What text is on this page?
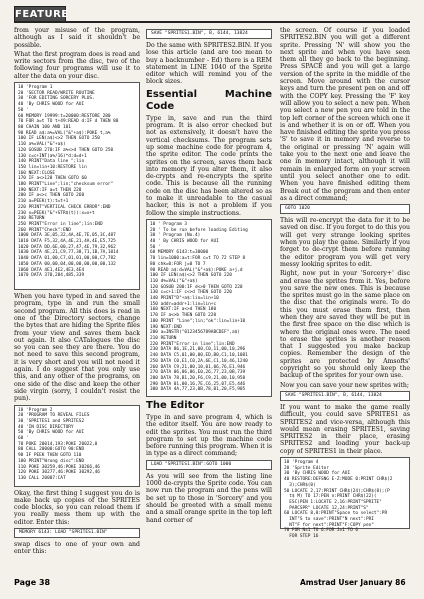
FEATURE

from your misuse of the program, although as I said it shouldn't be possible.

What the first program does is read and write sectors from the disc, two of the following four programs will use it to alter the data on your disc.

10 'Program 1
20 'SECTOR READ/WRITE ROUTINE
30 'FOR EDITING SORCERY PLUS.
40 'By CHRIS WOOD for AUI
50 '
60 MEMORY 19999:t=20000:RESTORE 280
70 FOR a=t TO t+49:READ d:IF d THEN 80
80 CHAIN 100 AND 101
90 READ a$:a%=VAL("&"+a$):POKE t,a%
100 IF LEN(a$)<>2 THEN GOTO 250
110 a%=VAL("&"+a$)
120 GOSUB 270:IF a%<>d THEN GOTO 250
130 c=c+INT(a%/16)*d:d=d+1
140 PRINT"Data line ";lin
150 lin=lin+10:RESTORE lin
160 NEXT:CLOSE
170 IF a<>128 THEN GOTO 60
180 PRINT"Line";lin;"checksum error"
190 NEXT:IF a=t THEN 220
200 IF a<>c THEN GOTO 260
210 a=PEEK(t):t=t+1
220 PRINT"VERTICAL CHECK ERROR":END
230 x=PEEK("&"+STR$(t)):x=x+t
240 RETURN
250 PRINT"Error in line";lin:END
260 PRINT"Check":END
1000 DATA 3E,05,32,4A,4E,7E,05,3C,487
1010 DATA F5,32,4A,4E,21,4A,4E,E5,725
1020 DATA DD,6E,00,27,47,4E,79,32,962
1030 DATA 4E,21,C9,77,38,71,1B,7A,1014
1040 DATA 01,00,C7,01,01,00,00,C7,782
1050 DATA 00,00,04,00,00,00,00,00,132
1060 DATA 4E1,4E2,4E3,4E4
1070 DATA 370,284,485,339

When you have typed in and saved the program, type in and run the small second program. All this does is read in one of the Directory sectors, change the bytes that are hiding the Sprite files from your view and saves them back out again. It also CATalogues the disc so you can see they are there. You do not need to save this second program, it is very short and you will not need it again. I do suggest that you only use this, and any other of the programs, on one side of the disc and keep the other side virgin (sorry, I couldn't resist the pun).

10 'Program 2
20 'PROGRAM TO REVEAL FILES
30 'SPRITES1 and SPRITES2
40 'IN DISC DIRECTORY
50 'By CHRIS WOOD for AUI
60 '
70 POKE 20014,193:POKE 20022,0
80 CALL 20000:GOTO 90:END
90 IF PEEK THEN GOTO 110
100 PRINT"Wrong disc":END
110 POKE 30259,46:POKE 30266,46
120 POKE 30277,46:POKE 30292,46
130 CALL 20007:CAT

Okay, the first thing I suggest you do is make back up copies of the SPRITES code blocks, so you can reload them if you really mess them up with the editor. Enter this:

MEMORY 6143: LOAD "SPRITES1.BIN"

swap discs to one of your own and enter this:

SAVE "SPRITES1.BIN", B, 6144, 13824

Do the same with SPRITES2.BIN. If you lose this article (and are too mean to buy a backnumber - Ed) there is a REM statement in LINE 1040 of the Sprite editor which will remind you of the block sizes.

Essential Machine Code

Type in, save and run the third program. It is also error checked but not as extensively, it doesn't have the vertical checksums. The program sets up some machine code for program 4, the sprite editor. The code prints the sprites on the screen, saves them back into memory if you alter them, it also de-crypts and re-encrypts the sprite code. This is because all the running code on the disc has been altered so as to make it unreadable to the casual hacker, this is not a problem if you follow the simple instructions.

10 ' Program 3
20 ' To be run before loading Editing
30 ' Program (No.4)
40 ' By CHRIS WOOD for AUI
50 '
60 MEMORY 6143:t=30000
70 lin=1000:a=t:FOR c=t TO 72 STEP 8
80 chk=0:FOR j=0 TO 7
90 READ a$:d=VAL("&"+a$):POKE a+j,d
100 IF LEN(a$)<>2 THEN GOTO 220
110 d%=VAL("&"+a$)
120 GOSUB 200:IF d<>0 THEN GOTO 220
130 c=c+1:IF c<>d THEN GOTO 220
140 PRINT"D"+a$:lin=lin+10
150 addr=addr+1:lin=lin+c
160 NEXT:IF a<>d THEN 180
170 IF a<>b THEN GOTO 220
180 PRINT "Line";lin;"ok":lin=lin+10
190 NEXT:END
200 a=INSTR("0123456789ABCDEF",a$)
210 RETURN
220 PRINT"Error in line";lin:END
230 DATA 86,1E,21,00,C0,11,00,10,296
240 DATA C5,01,00,00,ED,B0,C1,10,1081
250 DATA C0,E1,C0,2A,6E,C1,10,46,1240
260 DATA C9,21,00,10,01,06,76,E1,946
270 DATA 06,06,86,E0,26,77,23,0B,739
280 DATA 78,B1,20,F6,C9,21,00,10,958
290 DATA 01,00,16,7E,C6,25,07,E5,446
300 DATA 4A,77,23,0B,78,B1,20,F5,905
The Editor

Type in and save program 4, which is the editor itself. You are now ready to edit the sprites. You must run the third program to set up the machine code before running this program. When it is in type as a direct command;

LOAD "SPRITES1.BIN":GOTO 1000

As you will see from the listing line 1000 de-crypts the Sprite code. You can now run the program and the pens will be set up to those in 'Sorcery' and you should be greeted with a small menu and a small orange sprite in the top left hand corner of

the screen. Of course if you loaded SPRITES2.BIN you will get a different sprite. Pressing 'N' will show you the next sprite and when you have seen them all they go back to the beginning. Press SPACE and you will get a large version of the sprite in the middle of the screen. Move around with the cursor keys and turn the present pen on and off with the COPY key. Pressing the 'F' key will allow you to select a new pen. When you select a new pen you are told in the top left corner of the screen which one it is and whether it is on or off. When you have finished editing the sprite you press 'S' to save it in memory and reverse to the original or pressing 'N' again will take you to the next one and leave the one in memory intact, although it will remain in enlarged form on your screen until you select another one to edit. When you have finished editing them Break out of the program and then enter as a direct command;

GOTO 1020

This will re-encrypt the data for it to be saved on disc. If you forget to do this you will get very strange looking sprites when you play the game. Similarly if you forget to de-crypt them before running the editor program you will get very messy looking sprites to edit.

Right, now put in your 'Sorcery+' disc and erase the sprites from it. Yes, before you save the new ones. This is because the sprites must go in the same place on the disc that the originals were. To do this you must erase them first, then when they are saved they will be put in the first free space on the disc which is where the original ones were. The need to erase the sprites is another reason that I suggested you make backup copies. Remember the design of the sprites are protected by Amsofts' copyright so you should only keep the backup of the sprites for your own use.

Now you can save your new sprites with;

SAVE "SPRITES1.BIN", B, 6144, 13824

If you want to make the game really difficult, you could save SPRITES1 as SPRITES2 and vice-versa, although this would mean erasing SPRITES1, saving SPRITES2 in their place, erasing SPRITES2 and loading your back-up copy of SPRITES1 in their place.

10 'Program 4
20 'Sprite Editor
30 'By CHRIS WOOD for AUI
40 RESTORE:DEFSNG E-Z:MODE 0:PRINT CHR$(2
3);CHR$(0)
50 LOCATE 2,17:PRINT CHR$(24);CHR$(8);(P
t$ M) TO 17:PEN n:PRINT CHR$(22)(
ESC)PEN 1:LOCATE 2,16:PRINT"SPRITE"
PARCSPR" LOCATE 12,24:PRINT"S"
60 LOCATE 8,8:PRINT"Space to select":PR
INT"S to save":PRINT"N next":PRI
NT"F for next":PRINT"F:COPY pen"
70 FOR N=1 TO 6:FOR J=1 TO 6
FOR STEP 16
Page 38	Amstrad User January 86
